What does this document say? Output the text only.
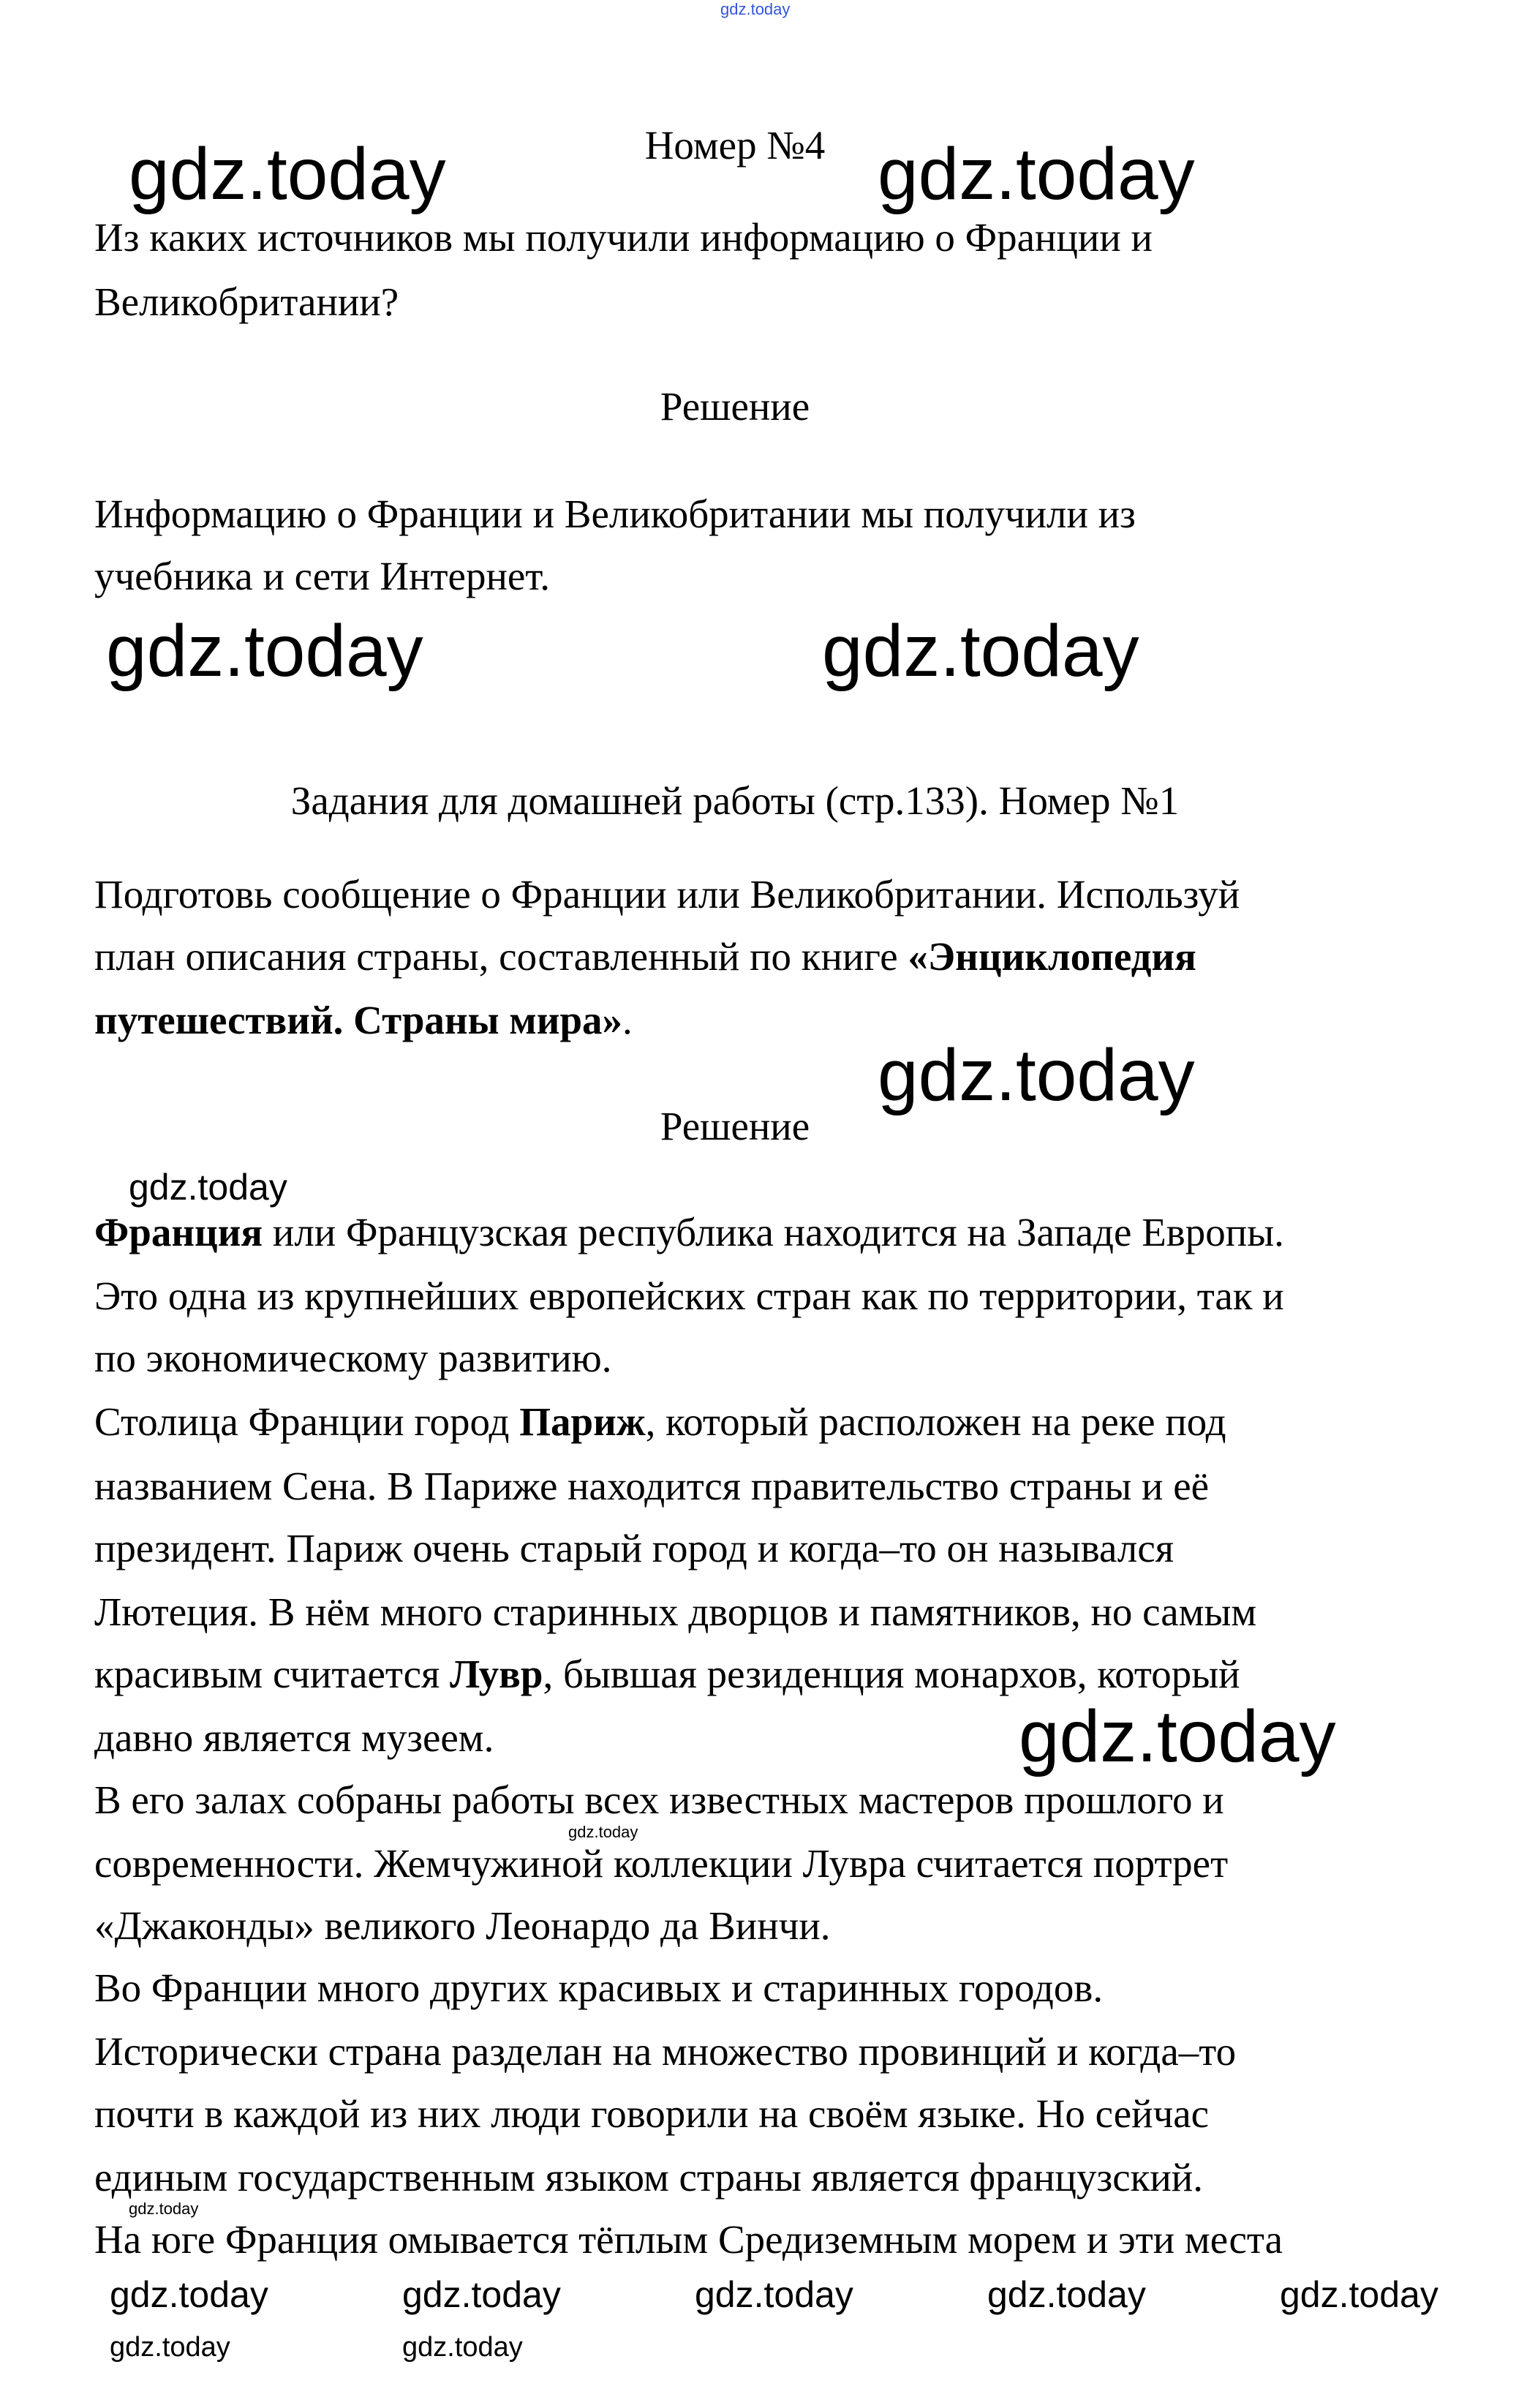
Номер №4
Из каких источников мы получили информацию о Франции и
Великобритании?
Решение
Информацию о Франции и Великобритании мы получили из
учебника и сети Интернет.
Задания для домашней работы (стр.133). Номер №1
Подготовь сообщение о Франции или Великобритании. Используй
план описания страны, составленный по книге «Энциклопедия
путешествий. Страны мира».
Решение
Франция или Французская республика находится на Западе Европы.
Это одна из крупнейших европейских стран как по территории, так и
по экономическому развитию.
Столица Франции город Париж, который расположен на реке под
названием Сена. В Париже находится правительство страны и её
президент. Париж очень старый город и когда–то он назывался
Лютеция. В нём много старинных дворцов и памятников, но самым
красивым считается Лувр, бывшая резиденция монархов, который
давно является музеем.
В его залах собраны работы всех известных мастеров прошлого и
современности. Жемчужиной коллекции Лувра считается портрет
«Джаконды» великого Леонардо да Винчи.
Во Франции много других красивых и старинных городов.
Исторически страна разделан на множество провинций и когда–то
почти в каждой из них люди говорили на своём языке. Но сейчас
единым государственным языком страны является французский.
На юге Франция омывается тёплым Средиземным морем и эти места
gdz.today
gdz.today	gdz.today
gdz.today	gdz.today
gdz.today
gdz.today
gdz.today
gdz.today
gdz.today
gdz.today	gdz.today	gdz.today	gdz.today	gdz.today
gdz.today	gdz.today
